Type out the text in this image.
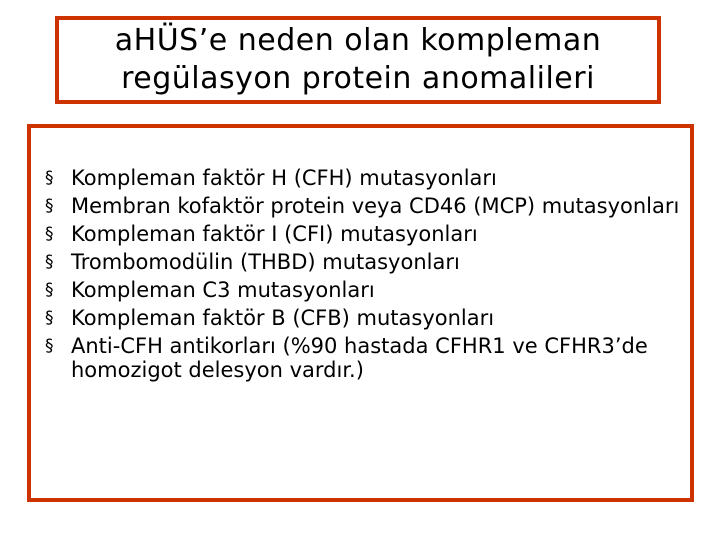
aHÜS’e neden olan kompleman
regülasyon protein anomalileri
§ Kompleman faktör H (CFH) mutasyonları
§ Membran kofaktör protein veya CD46 (MCP) mutasyonları
§ Kompleman faktör I (CFI) mutasyonları
§ Trombomodülin (THBD) mutasyonları
§ Kompleman C3 mutasyonları
§ Kompleman faktör B (CFB) mutasyonları
§ Anti-CFH antikorları (%90 hastada CFHR1 ve CFHR3’de homozigot delesyon vardır.)
